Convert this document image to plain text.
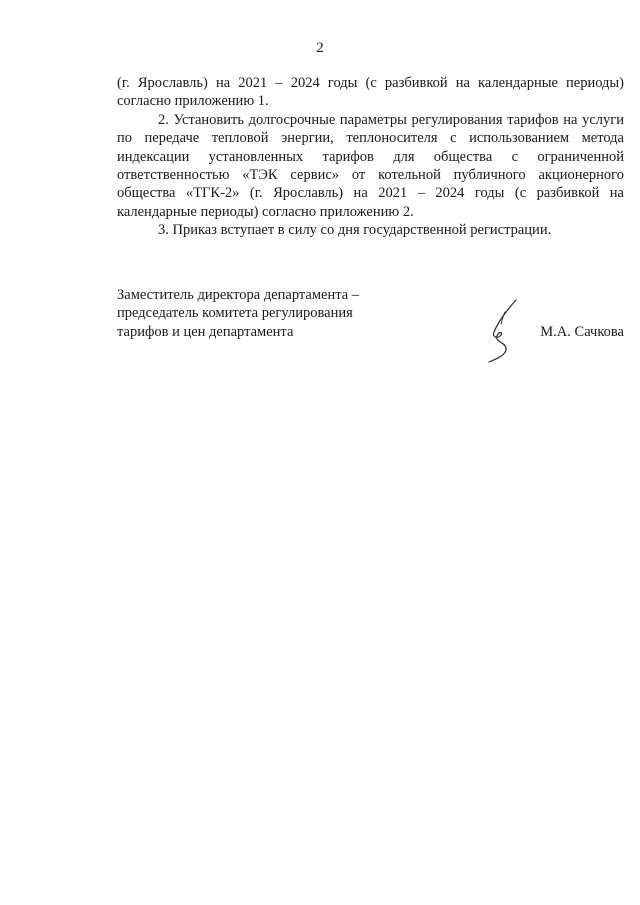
2

(г. Ярославль) на 2021 – 2024 годы (с разбивкой на календарные периоды) согласно приложению 1.

2. Установить долгосрочные параметры регулирования тарифов на услуги по передаче тепловой энергии, теплоносителя с использованием метода индексации установленных тарифов для общества с ограниченной ответственностью «ТЭК сервис» от котельной публичного акционерного общества «ТГК-2» (г. Ярославль) на 2021 – 2024 годы (с разбивкой на календарные периоды) согласно приложению 2.

3. Приказ вступает в силу со дня государственной регистрации.

Заместитель директора департамента –
председатель комитета регулирования
тарифов и цен департамента	М.А. Сачкова
